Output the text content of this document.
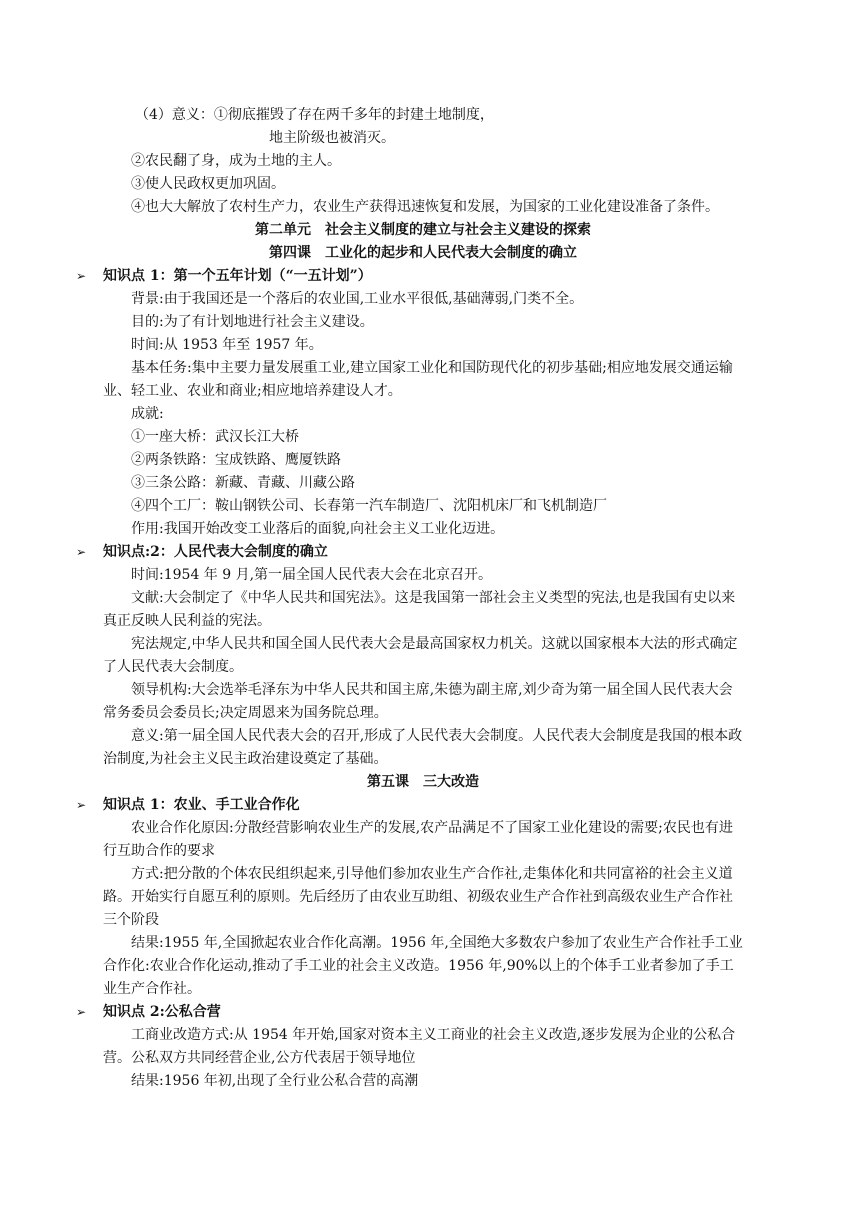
（4）意义：①彻底摧毁了存在两千多年的封建土地制度，

地主阶级也被消灭。

②农民翻了身，成为土地的主人。

③使人民政权更加巩固。

④也大大解放了农村生产力，农业生产获得迅速恢复和发展，为国家的工业化建设准备了条件。

第二单元　社会主义制度的建立与社会主义建设的探索

第四课　工业化的起步和人民代表大会制度的确立

➢ 知识点 1：第一个五年计划（“一五计划”）

背景:由于我国还是一个落后的农业国,工业水平很低,基础薄弱,门类不全。

目的:为了有计划地进行社会主义建设。

时间:从 1953 年至 1957 年。

基本任务:集中主要力量发展重工业,建立国家工业化和国防现代化的初步基础;相应地发展交通运输业、轻工业、农业和商业;相应地培养建设人才。

成就:

①一座大桥：武汉长江大桥

②两条铁路：宝成铁路、鹰厦铁路

③三条公路：新藏、青藏、川藏公路

④四个工厂：鞍山钢铁公司、长春第一汽车制造厂、沈阳机床厂和飞机制造厂

作用:我国开始改变工业落后的面貌,向社会主义工业化迈进。

➢ 知识点:2：人民代表大会制度的确立

时间:1954 年 9 月,第一届全国人民代表大会在北京召开。

文献:大会制定了《中华人民共和国宪法》。这是我国第一部社会主义类型的宪法,也是我国有史以来真正反映人民利益的宪法。

宪法规定,中华人民共和国全国人民代表大会是最高国家权力机关。这就以国家根本大法的形式确定了人民代表大会制度。

领导机构:大会选举毛泽东为中华人民共和国主席,朱德为副主席,刘少奇为第一届全国人民代表大会常务委员会委员长;决定周恩来为国务院总理。

意义:第一届全国人民代表大会的召开,形成了人民代表大会制度。人民代表大会制度是我国的根本政治制度,为社会主义民主政治建设奠定了基础。

第五课　三大改造

➢ 知识点 1：农业、手工业合作化

农业合作化原因:分散经营影响农业生产的发展,农产品满足不了国家工业化建设的需要;农民也有进行互助合作的要求

方式:把分散的个体农民组织起来,引导他们参加农业生产合作社,走集体化和共同富裕的社会主义道路。开始实行自愿互利的原则。先后经历了由农业互助组、初级农业生产合作社到高级农业生产合作社三个阶段

结果:1955 年,全国掀起农业合作化高潮。1956 年,全国绝大多数农户参加了农业生产合作社手工业合作化:农业合作化运动,推动了手工业的社会主义改造。1956 年,90%以上的个体手工业者参加了手工业生产合作社。

➢ 知识点 2:公私合营

工商业改造方式:从 1954 年开始,国家对资本主义工商业的社会主义改造,逐步发展为企业的公私合营。公私双方共同经营企业,公方代表居于领导地位

结果:1956 年初,出现了全行业公私合营的高潮
